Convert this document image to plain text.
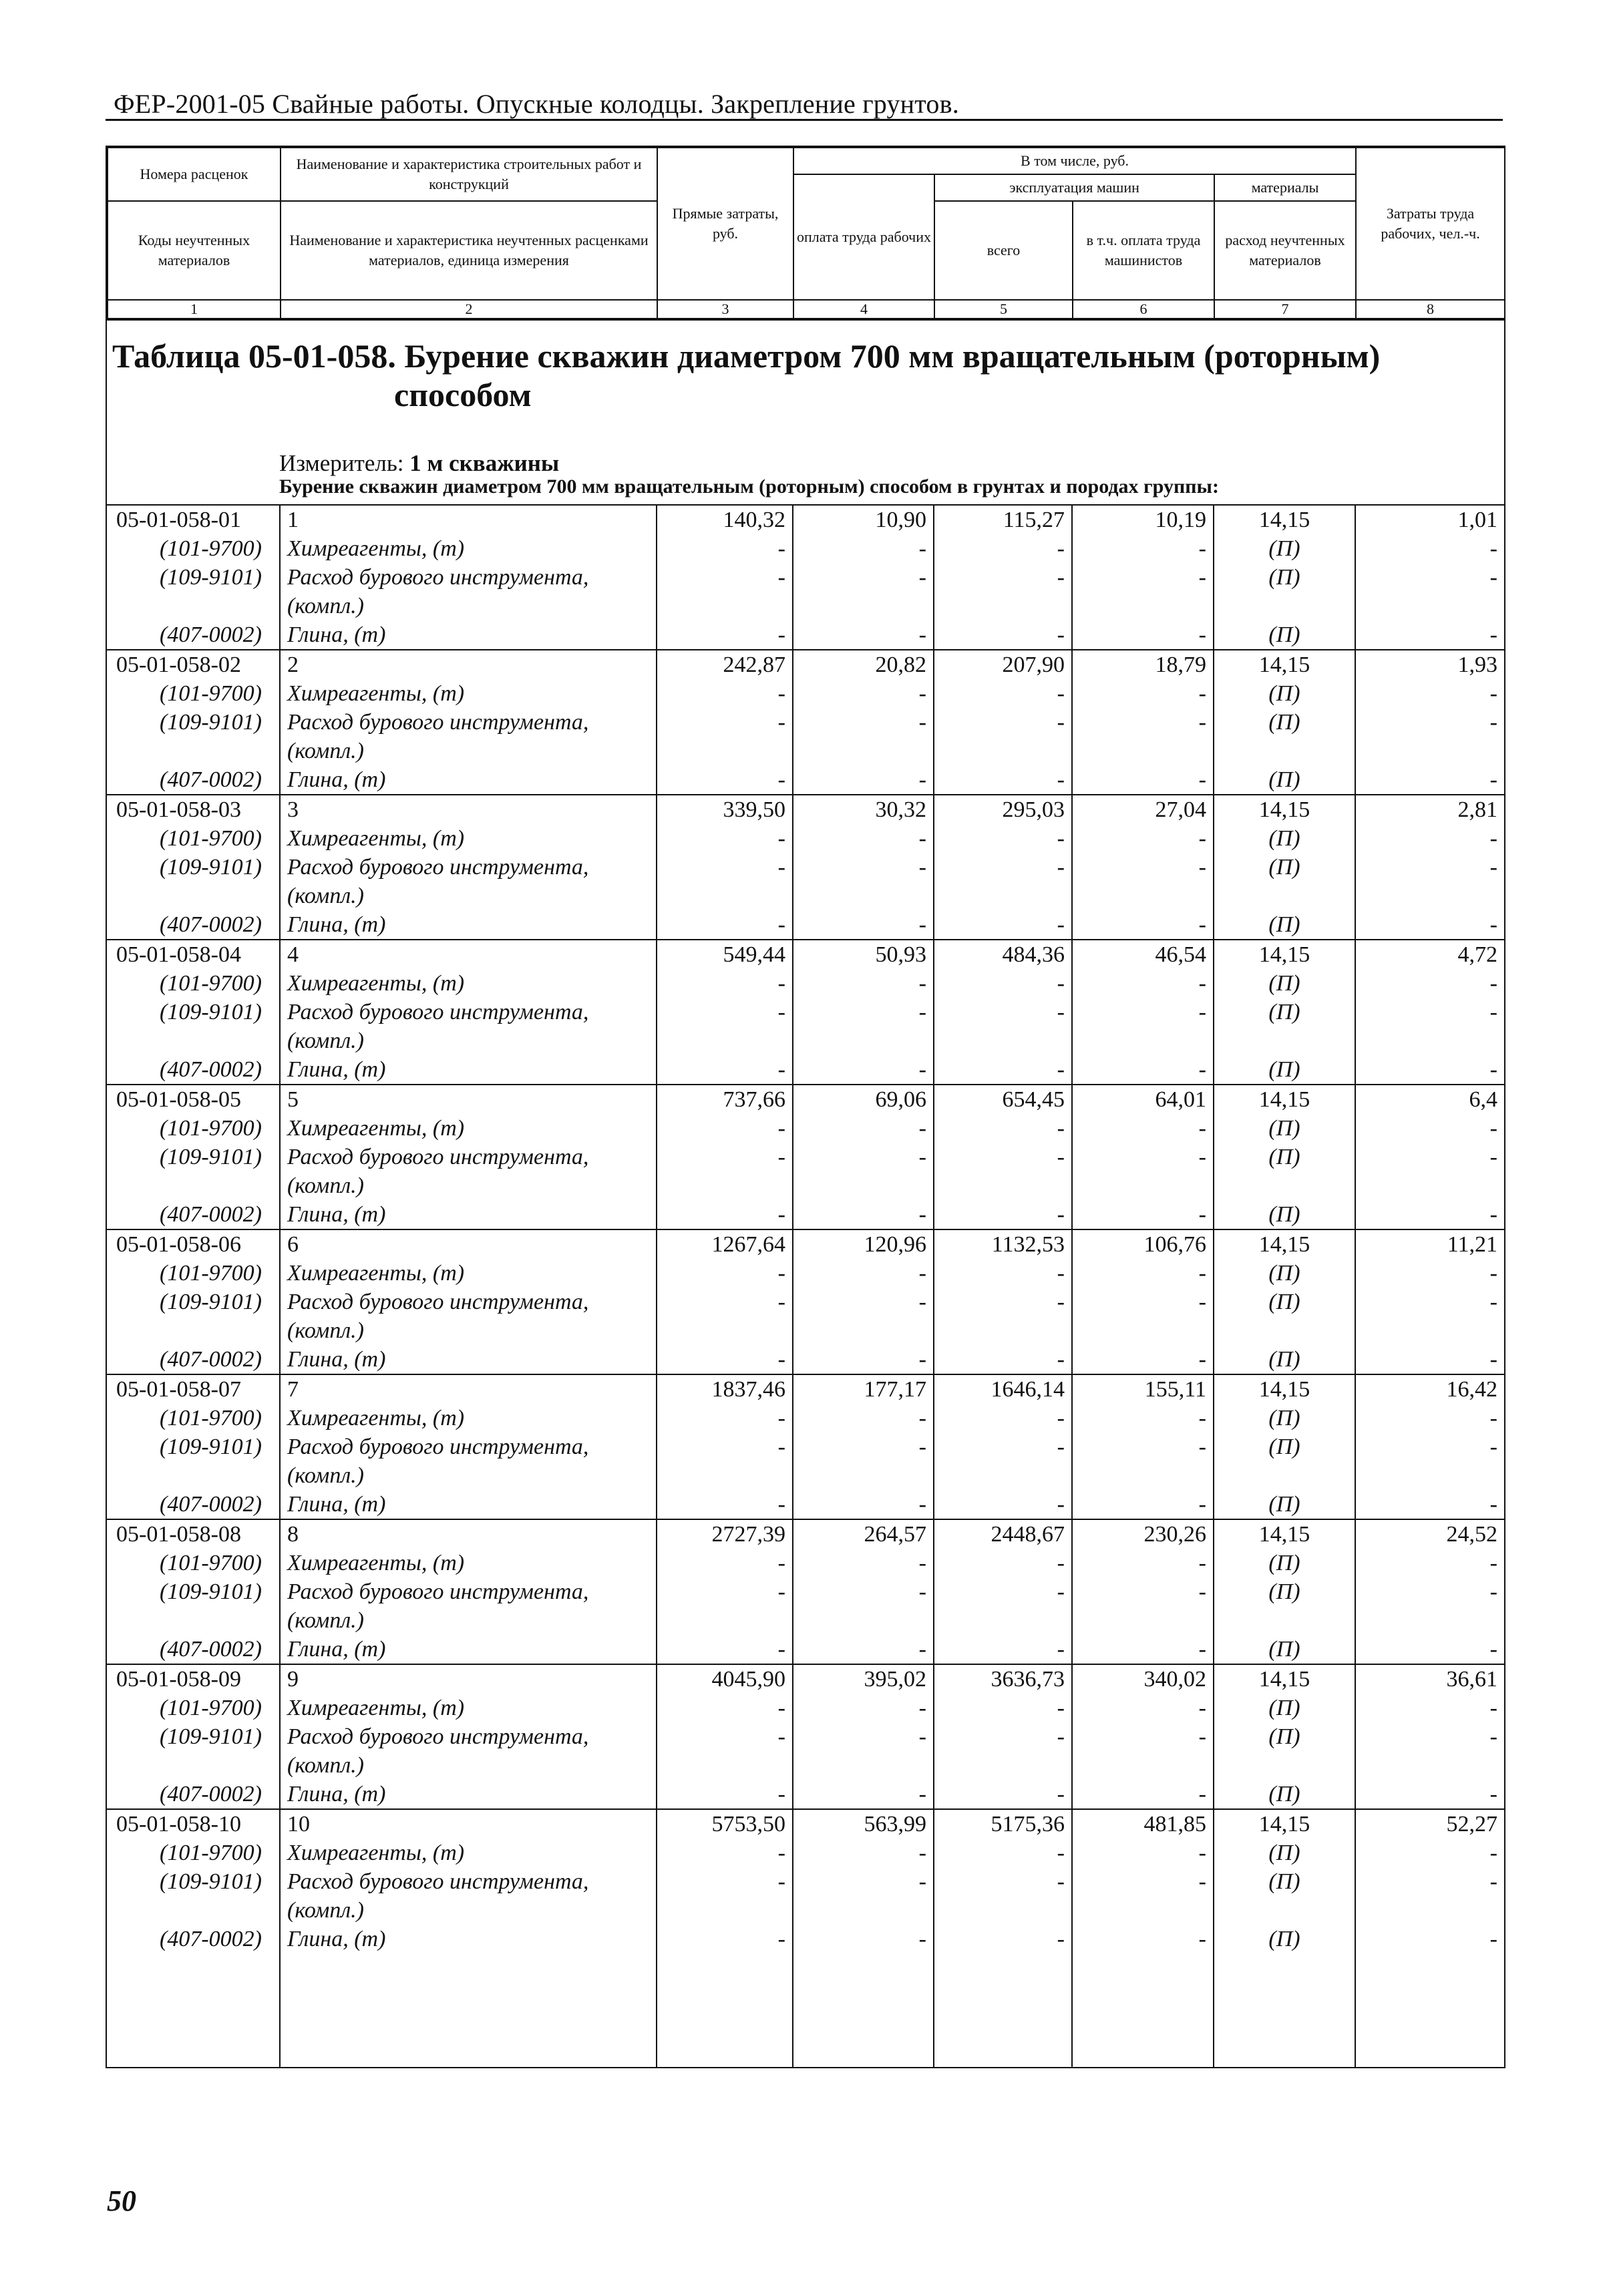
ФЕР-2001-05 Свайные работы. Опускные колодцы. Закрепление грунтов.
Номера расценок	Наименование и характеристика строительных работ и конструкций	Прямые затраты, руб.	В том числе, руб.				Затраты труда рабочих, чел.-ч.
			оплата труда рабочих	эксплуатация машин		материалы	
Коды неучтенных материалов	Наименование и характеристика неучтенных расценками материалов, единица измерения			всего	в т.ч. оплата труда машинистов	расход неучтенных материалов	
1	2	3	4	5	6	7	8
Таблица 05-01-058. Бурение скважин диаметром 700 мм вращательным (роторным)
способом
Измеритель: 1 м скважины
Бурение скважин диаметром 700 мм вращательным (роторным) способом в грунтах и породах группы:
05-01-058-01	1	140,32	10,90	115,27	10,19	14,15	1,01
(101-9700)	Химреагенты, (т)	-	-	-	-	(П)	-
(109-9101)	Расход бурового инструмента,	-	-	-	-	(П)	-
	(компл.)						
(407-0002)	Глина, (т)	-	-	-	-	(П)	-
05-01-058-02	2	242,87	20,82	207,90	18,79	14,15	1,93
(101-9700)	Химреагенты, (т)	-	-	-	-	(П)	-
(109-9101)	Расход бурового инструмента,	-	-	-	-	(П)	-
	(компл.)						
(407-0002)	Глина, (т)	-	-	-	-	(П)	-
05-01-058-03	3	339,50	30,32	295,03	27,04	14,15	2,81
(101-9700)	Химреагенты, (т)	-	-	-	-	(П)	-
(109-9101)	Расход бурового инструмента,	-	-	-	-	(П)	-
	(компл.)						
(407-0002)	Глина, (т)	-	-	-	-	(П)	-
05-01-058-04	4	549,44	50,93	484,36	46,54	14,15	4,72
(101-9700)	Химреагенты, (т)	-	-	-	-	(П)	-
(109-9101)	Расход бурового инструмента,	-	-	-	-	(П)	-
	(компл.)						
(407-0002)	Глина, (т)	-	-	-	-	(П)	-
05-01-058-05	5	737,66	69,06	654,45	64,01	14,15	6,4
(101-9700)	Химреагенты, (т)	-	-	-	-	(П)	-
(109-9101)	Расход бурового инструмента,	-	-	-	-	(П)	-
	(компл.)						
(407-0002)	Глина, (т)	-	-	-	-	(П)	-
05-01-058-06	6	1267,64	120,96	1132,53	106,76	14,15	11,21
(101-9700)	Химреагенты, (т)	-	-	-	-	(П)	-
(109-9101)	Расход бурового инструмента,	-	-	-	-	(П)	-
	(компл.)						
(407-0002)	Глина, (т)	-	-	-	-	(П)	-
05-01-058-07	7	1837,46	177,17	1646,14	155,11	14,15	16,42
(101-9700)	Химреагенты, (т)	-	-	-	-	(П)	-
(109-9101)	Расход бурового инструмента,	-	-	-	-	(П)	-
	(компл.)						
(407-0002)	Глина, (т)	-	-	-	-	(П)	-
05-01-058-08	8	2727,39	264,57	2448,67	230,26	14,15	24,52
(101-9700)	Химреагенты, (т)	-	-	-	-	(П)	-
(109-9101)	Расход бурового инструмента,	-	-	-	-	(П)	-
	(компл.)						
(407-0002)	Глина, (т)	-	-	-	-	(П)	-
05-01-058-09	9	4045,90	395,02	3636,73	340,02	14,15	36,61
(101-9700)	Химреагенты, (т)	-	-	-	-	(П)	-
(109-9101)	Расход бурового инструмента,	-	-	-	-	(П)	-
	(компл.)						
(407-0002)	Глина, (т)	-	-	-	-	(П)	-
05-01-058-10	10	5753,50	563,99	5175,36	481,85	14,15	52,27
(101-9700)	Химреагенты, (т)	-	-	-	-	(П)	-
(109-9101)	Расход бурового инструмента,	-	-	-	-	(П)	-
	(компл.)						
(407-0002)	Глина, (т)	-	-	-	-	(П)	-

50
